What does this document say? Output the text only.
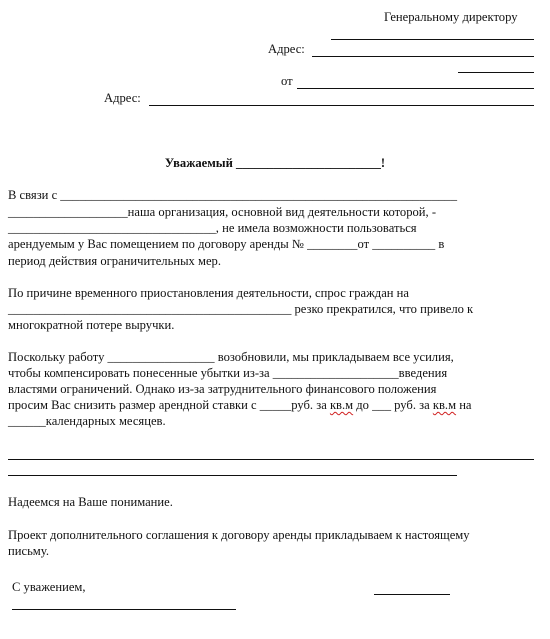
Генеральному директору
Адрес:
от
Адрес:
Уважаемый _______________________!
В связи с _______________________________________________________________
___________________наша организация, основной вид деятельности которой, -
_________________________________, не имела возможности пользоваться
арендуемым у Вас помещением по договору аренды № ________от __________ в
период действия ограничительных мер.
По причине временного приостановления деятельности, спрос граждан на
_____________________________________________ резко прекратился, что привело к
многократной потере выручки.
Поскольку работу _________________ возобновили, мы прикладываем все усилия,
чтобы компенсировать понесенные убытки из-за ____________________введения
властями ограничений. Однако из-за затруднительного финансового положения
просим Вас снизить размер арендной ставки с _____руб. за кв.м до ___ руб. за кв.м на
______календарных месяцев.
Надеемся на Ваше понимание.
Проект дополнительного соглашения к договору аренды прикладываем к настоящему
письму.
С уважением,
